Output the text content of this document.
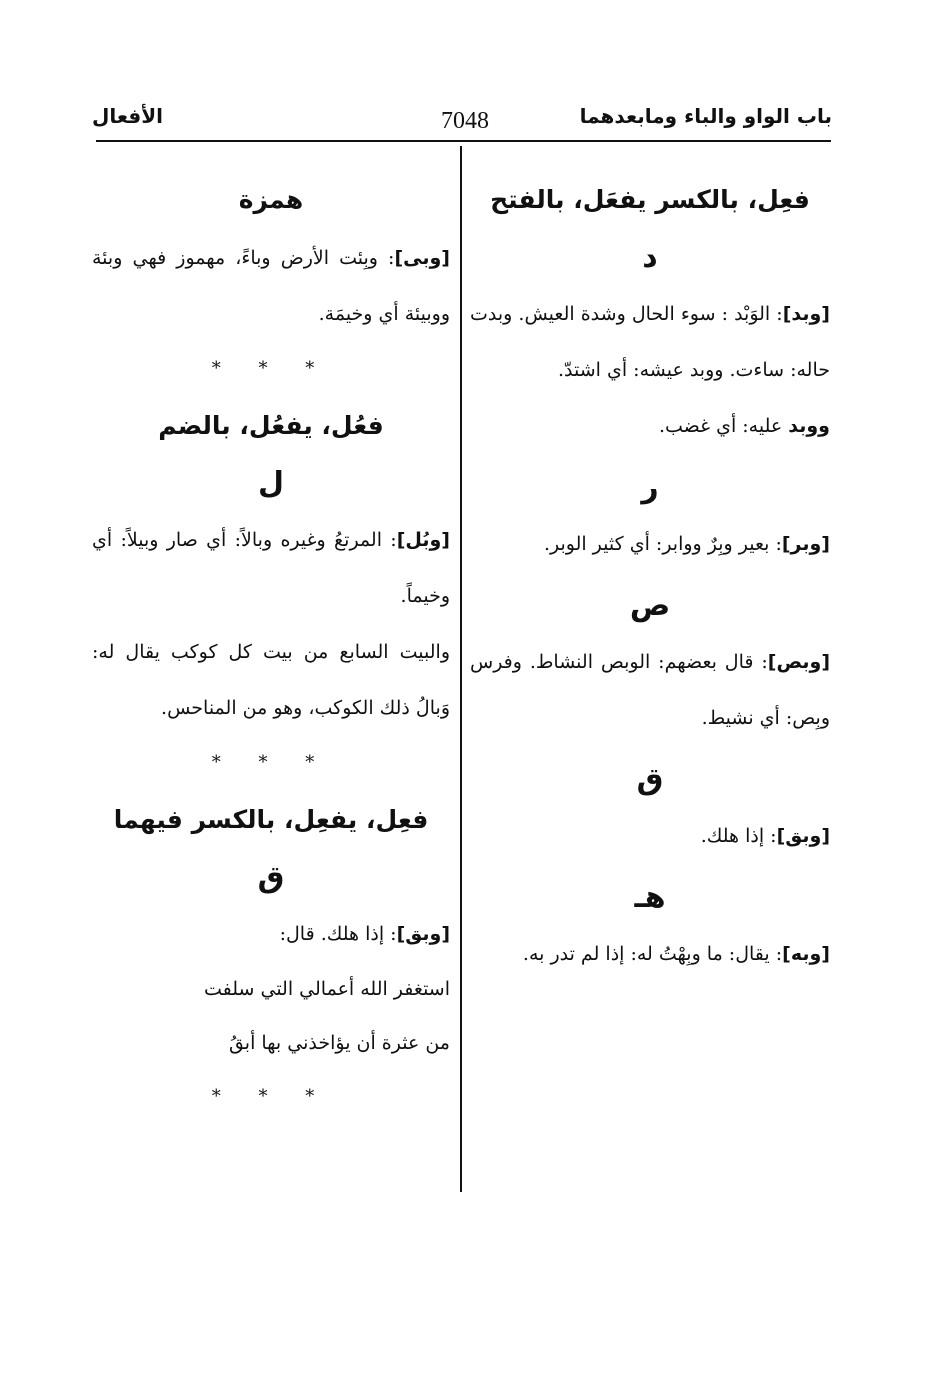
باب الواو والباء ومابعدهما
7048
الأفعال

فعِل، بالكسر يفعَل، بالفتح

د

[وبد]: الوَبْد : سوء الحال وشدة العيش. وبدت حاله: ساءت. ووبد عيشه: أي اشتدّ.

ووبد عليه: أي غضب.

ر

[وبر]: بعير وبِرٌ ووابر: أي كثير الوبر.

ص

[وبص]: قال بعضهم: الوبص النشاط. وفرس وبِص: أي نشيط.

ق

[وبق]: إذا هلك.

هـ

[وبه]: يقال: ما وبِهْتُ له: إذا لم تدر به.

همزة

[وبى]: وبِئت الأرض وباءً، مهموز فهي وبئة ووبيئة أي وخيمَة.

* * *

فعُل، يفعُل، بالضم

ل

[وبُل]: المرتعُ وغيره وبالاً: أي صار وبيلاً: أي وخيماً.

والبيت السابع من بيت كل كوكب يقال له: وَبالُ ذلك الكوكب، وهو من المناحس.

* * *

فعِل، يفعِل، بالكسر فيهما

ق

[وبق]: إذا هلك. قال:

استغفر الله أعمالي التي سلفت

من عثرة أن يؤاخذني بها أبقُ

* * *
